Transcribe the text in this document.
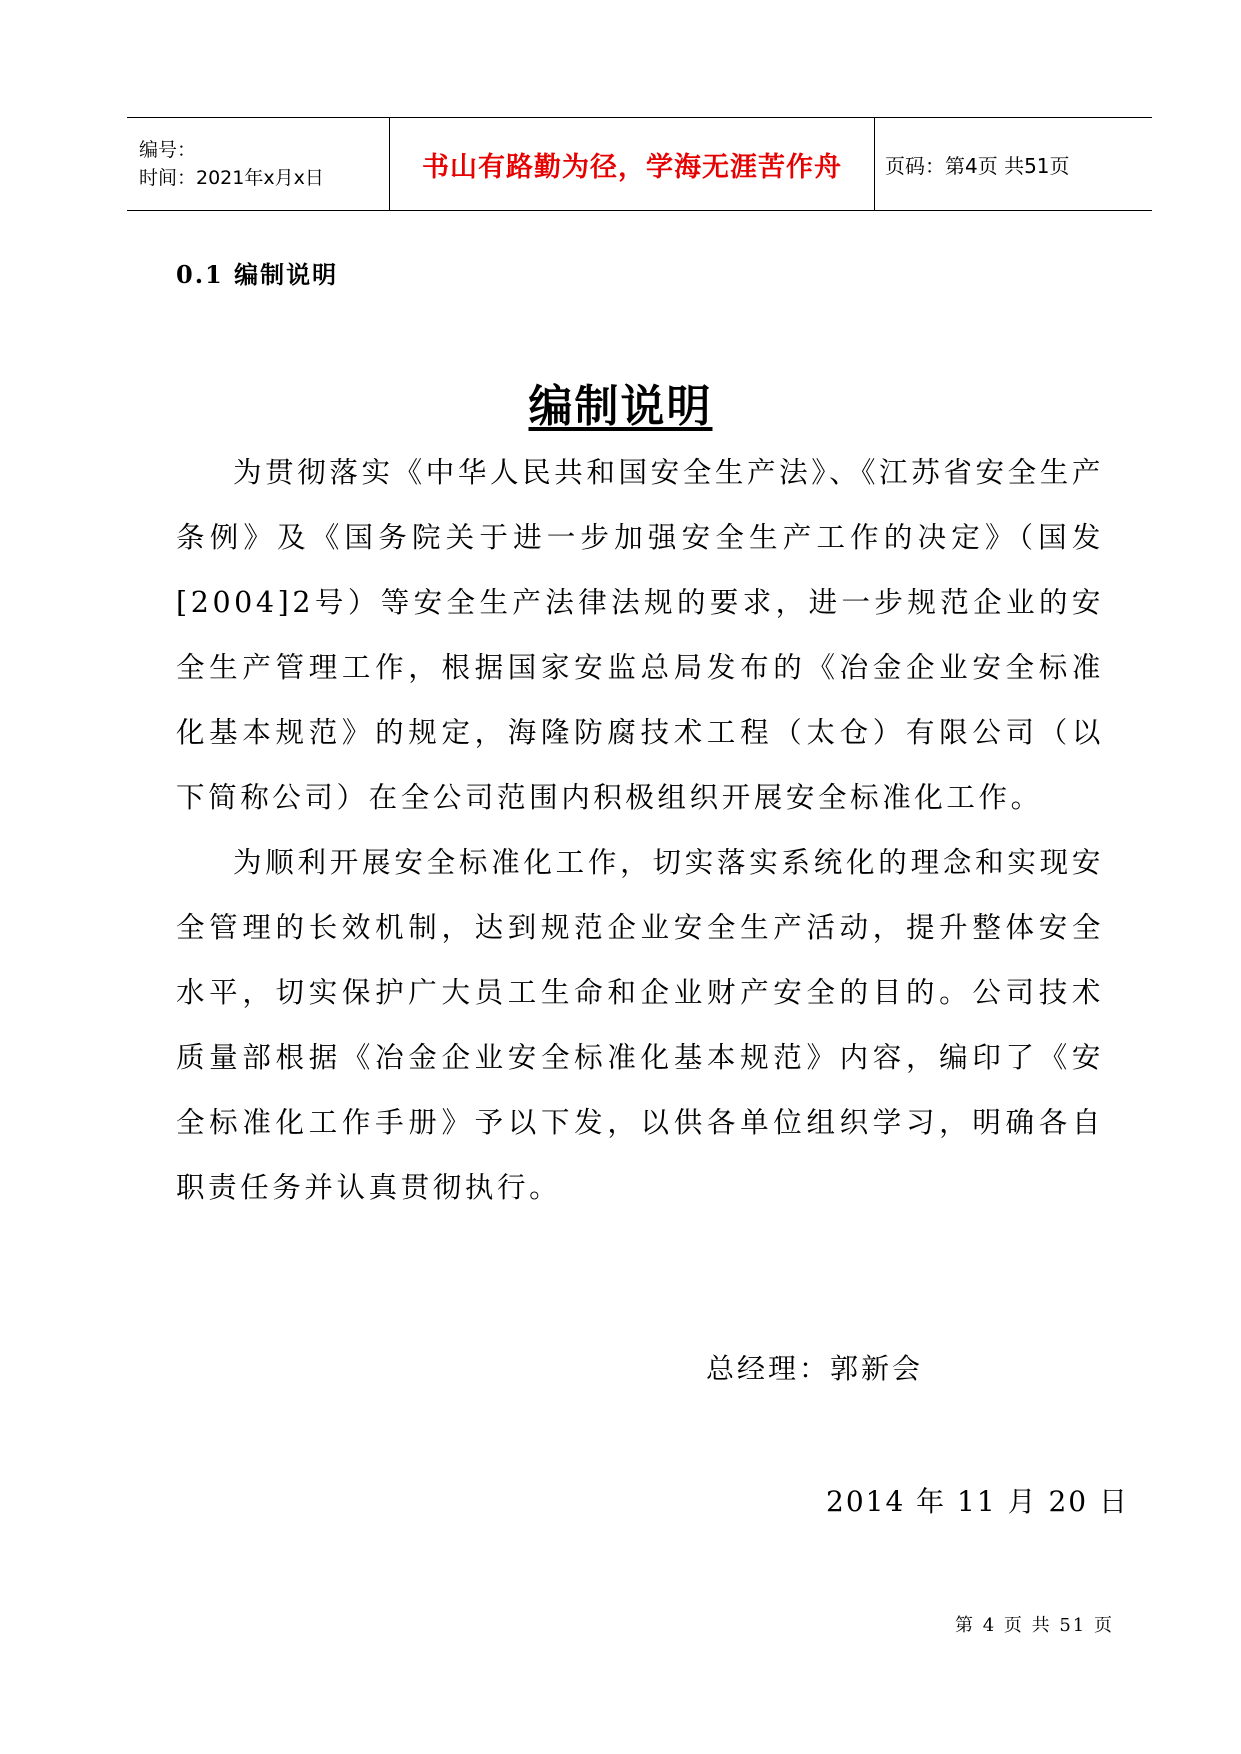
编号：
时间：2021年x月x日	书山有路勤为径，学海无涯苦作舟 页码：第4页 共51页
0.1 编制说明
编制说明

为贯彻落实《中华人民共和国安全生产法》、《江苏省安全生产条例》及《国务院关于进一步加强安全生产工作的决定》（国发[2004]2号）等安全生产法律法规的要求，进一步规范企业的安全生产管理工作，根据国家安监总局发布的《冶金企业安全标准化基本规范》的规定，海隆防腐技术工程（太仓）有限公司（以下简称公司）在全公司范围内积极组织开展安全标准化工作。

为顺利开展安全标准化工作，切实落实系统化的理念和实现安全管理的长效机制，达到规范企业安全生产活动，提升整体安全水平，切实保护广大员工生命和企业财产安全的目的。公司技术质量部根据《冶金企业安全标准化基本规范》内容，编印了《安全标准化工作手册》予以下发，以供各单位组织学习，明确各自职责任务并认真贯彻执行。

总经理：郭新会
2014 年 11 月 20 日
第 4 页 共 51 页
